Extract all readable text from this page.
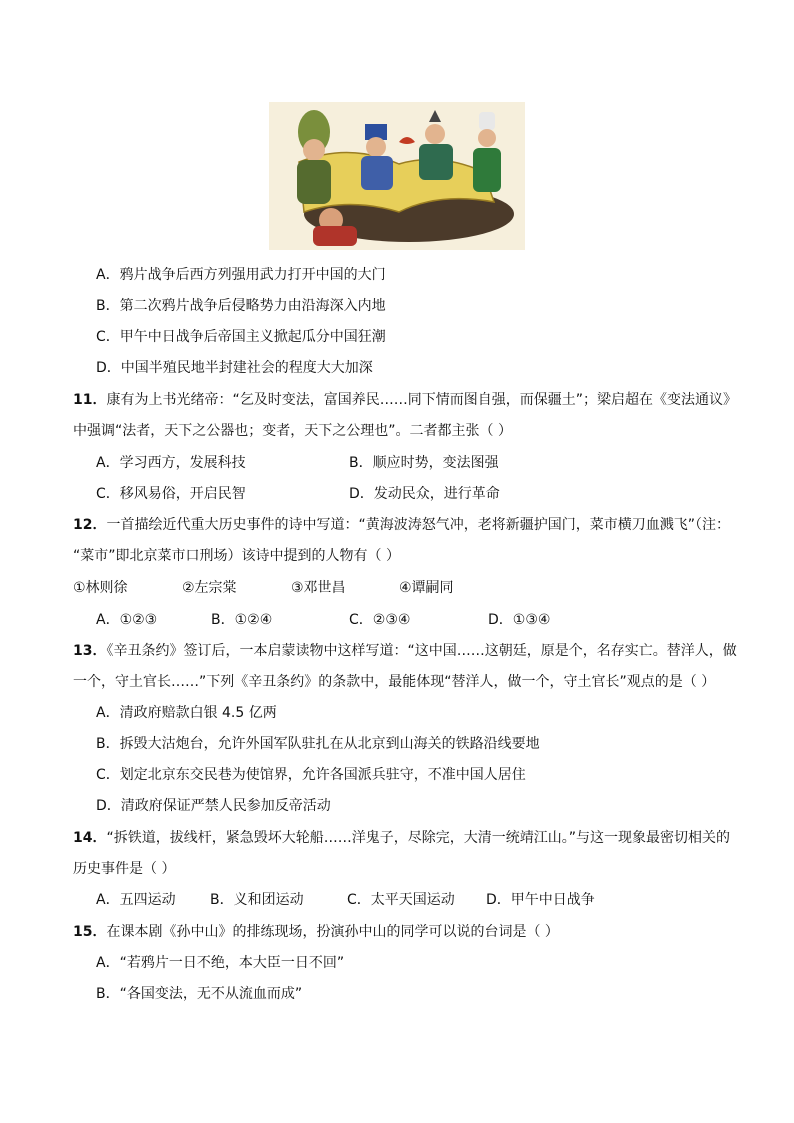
A．鸦片战争后西方列强用武力打开中国的大门
B．第二次鸦片战争后侵略势力由沿海深入内地
C．甲午中日战争后帝国主义掀起瓜分中国狂潮
D．中国半殖民地半封建社会的程度大大加深
11．康有为上书光绪帝：“乞及时变法，富国养民……同下情而图自强，而保疆土”；梁启超在《变法通议》
中强调“法者，天下之公器也；变者，天下之公理也”。二者都主张（ ）
A．学习西方，发展科技	B．顺应时势，变法图强
C．移风易俗，开启民智	D．发动民众，进行革命
12．一首描绘近代重大历史事件的诗中写道：“黄海波涛怒气冲，老将新疆护国门，菜市横刀血溅飞”（注：
“菜市”即北京菜市口刑场）该诗中提到的人物有（ ）
①林则徐	②左宗棠	③邓世昌	④谭嗣同
A．①②③	B．①②④	C．②③④	D．①③④
13．《辛丑条约》签订后，一本启蒙读物中这样写道：“这中国……这朝廷，原是个，名存实亡。替洋人，做
一个，守土官长……”下列《辛丑条约》的条款中，最能体现“替洋人，做一个，守土官长”观点的是（ ）
A．清政府赔款白银 4.5 亿两
B．拆毁大沽炮台，允许外国军队驻扎在从北京到山海关的铁路沿线要地
C．划定北京东交民巷为使馆界，允许各国派兵驻守，不准中国人居住
D．清政府保证严禁人民参加反帝活动
14．“拆铁道，拔线杆，紧急毁坏大轮船……洋鬼子，尽除完，大清一统靖江山。”与这一现象最密切相关的
历史事件是（ ）
A．五四运动 B．义和团运动	C．太平天国运动 D．甲午中日战争
15．在课本剧《孙中山》的排练现场，扮演孙中山的同学可以说的台词是（ ）
A．“若鸦片一日不绝，本大臣一日不回”
B．“各国变法，无不从流血而成”
